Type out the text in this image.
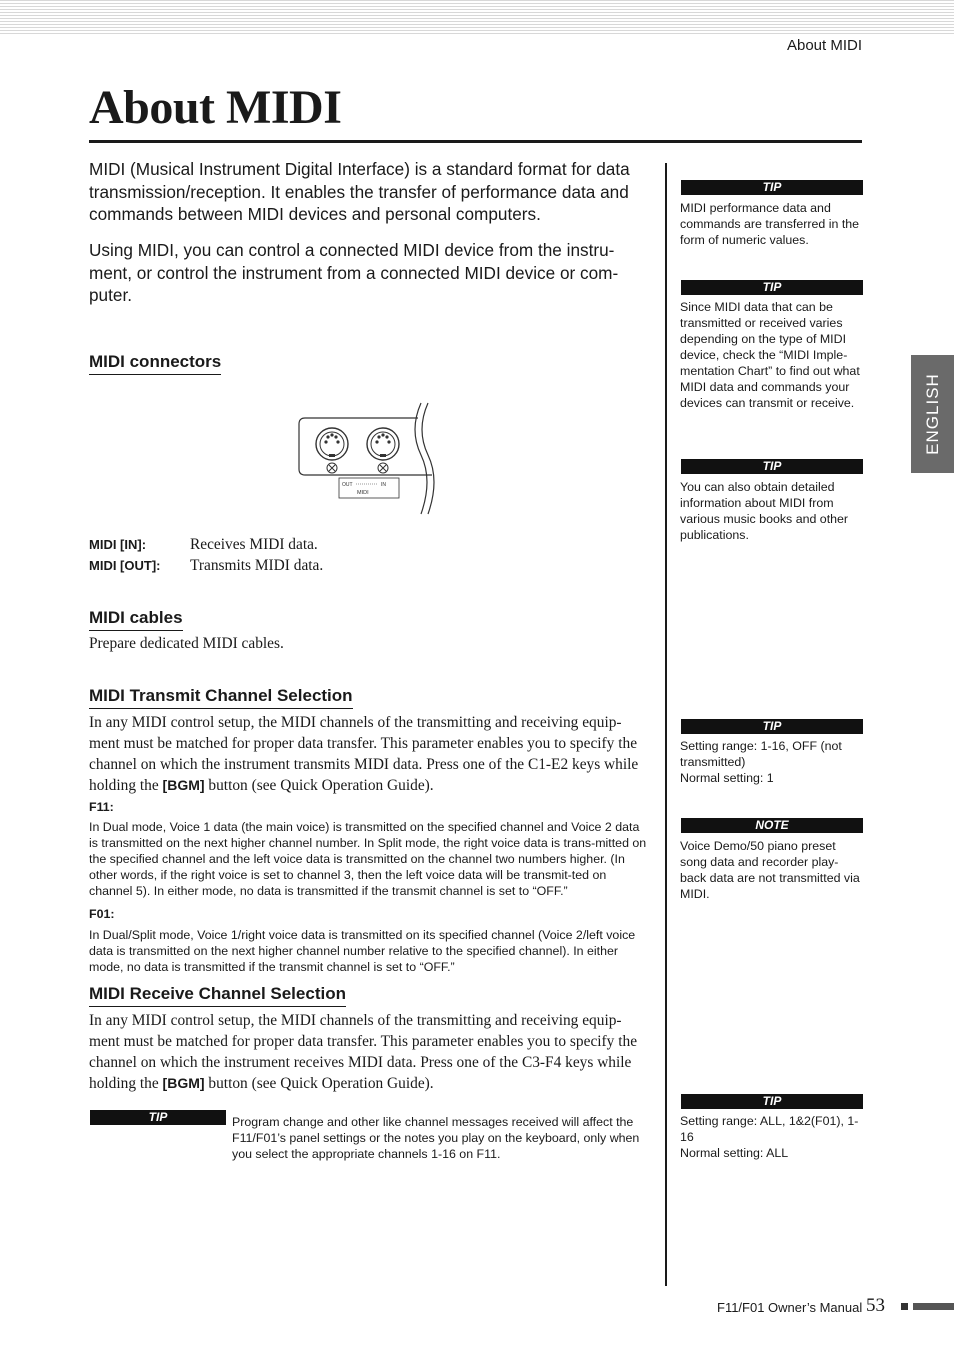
About MIDI
About MIDI

MIDI (Musical Instrument Digital Interface) is a standard format for data transmission/reception. It enables the transfer of performance data and commands between MIDI devices and personal computers.

Using MIDI, you can control a connected MIDI device from the instru-ment, or control the instrument from a connected MIDI device or com-puter.

MIDI connectors
OUT	IN
MIDI
MIDI [IN]:	Receives MIDI data.
MIDI [OUT]: Transmits MIDI data.
MIDI cables

Prepare dedicated MIDI cables.

MIDI Transmit Channel Selection

In any MIDI control setup, the MIDI channels of the transmitting and receiving equip-ment must be matched for proper data transfer. This parameter enables you to specify the channel on which the instrument transmits MIDI data. Press one of the C1-E2 keys while holding the [BGM] button (see Quick Operation Guide).

F11:

In Dual mode, Voice 1 data (the main voice) is transmitted on the specified channel and Voice 2 data is transmitted on the next higher channel number. In Split mode, the right voice data is trans-mitted on the specified channel and the left voice data is transmitted on the channel two numbers higher. (In other words, if the right voice is set to channel 3, then the left voice data will be transmit-ted on channel 5). In either mode, no data is transmitted if the transmit channel is set to “OFF.”

F01:

In Dual/Split mode, Voice 1/right voice data is transmitted on its specified channel (Voice 2/left voice data is transmitted on the next higher channel number relative to the specified channel). In either mode, no data is transmitted if the transmit channel is set to “OFF.”

MIDI Receive Channel Selection

In any MIDI control setup, the MIDI channels of the transmitting and receiving equip-ment must be matched for proper data transfer. This parameter enables you to specify the channel on which the instrument receives MIDI data. Press one of the C3-F4 keys while holding the [BGM] button (see Quick Operation Guide).

TIP	Program change and other like channel messages received will affect the F11/F01’s panel settings or the notes you play on the keyboard, only when you select the appropriate channels 1-16 on F11.

TIP

MIDI performance data and commands are transferred in the form of numeric values.

TIP

Since MIDI data that can be transmitted or received varies depending on the type of MIDI device, check the “MIDI Imple-mentation Chart” to find out what MIDI data and commands your devices can transmit or receive.

TIP

You can also obtain detailed information about MIDI from various music books and other publications.

TIP

Setting range: 1-16, OFF (not transmitted)
Normal setting: 1

NOTE

Voice Demo/50 piano preset song data and recorder play-back data are not transmitted via MIDI.

TIP

Setting range: ALL, 1&2(F01), 1-16
Normal setting: ALL

ENGLISH
F11/F01 Owner’s Manual 53
